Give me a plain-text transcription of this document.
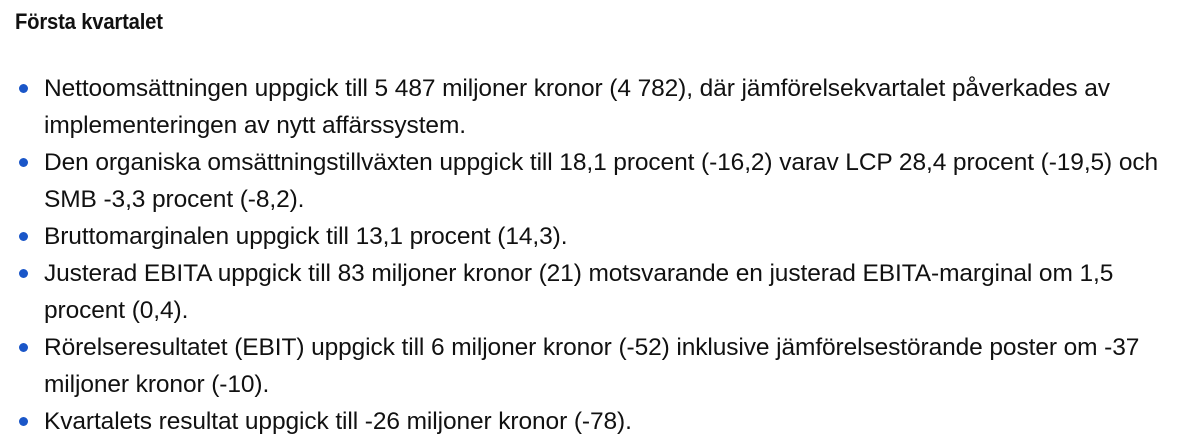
Första kvartalet
Nettoomsättningen uppgick till 5 487 miljoner kronor (4 782), där jämförelsekvartalet påverkades av implementeringen av nytt affärssystem.
Den organiska omsättningstillväxten uppgick till 18,1 procent (-16,2) varav LCP 28,4 procent (-19,5) och SMB -3,3 procent (-8,2).
Bruttomarginalen uppgick till 13,1 procent (14,3).
Justerad EBITA uppgick till 83 miljoner kronor (21) motsvarande en justerad EBITA-marginal om 1,5 procent (0,4).
Rörelseresultatet (EBIT) uppgick till 6 miljoner kronor (-52) inklusive jämförelsestörande poster om -37 miljoner kronor (-10).
Kvartalets resultat uppgick till -26 miljoner kronor (-78).
